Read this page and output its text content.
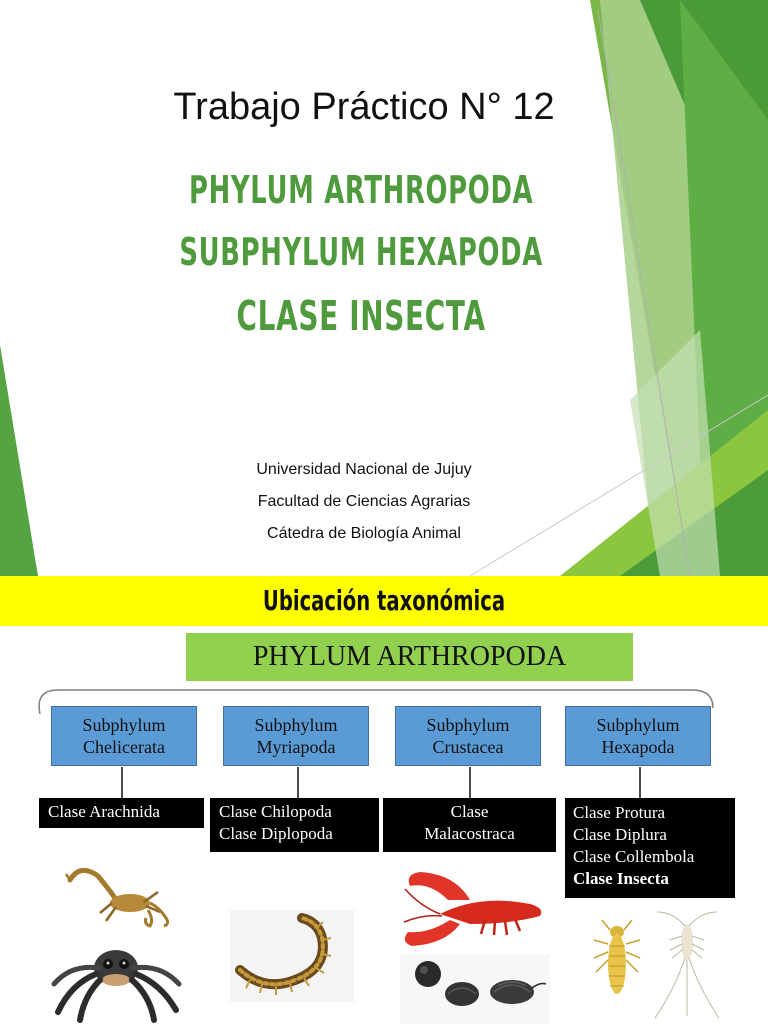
Trabajo Práctico N° 12
PHYLUM ARTHROPODA
SUBPHYLUM HEXAPODA
CLASE INSECTA
Universidad Nacional de Jujuy
Facultad de Ciencias Agrarias
Cátedra de Biología Animal
Ubicación taxonómica
PHYLUM ARTHROPODA
Subphylum
Chelicerata
Subphylum
Myriapoda
Subphylum
Crustacea
Subphylum
Hexapoda
Clase Arachnida	Clase Chilopoda
Clase Diplopoda
Clase
Malacostraca
Clase Protura
Clase Diplura
Clase Collembola
Clase Insecta
